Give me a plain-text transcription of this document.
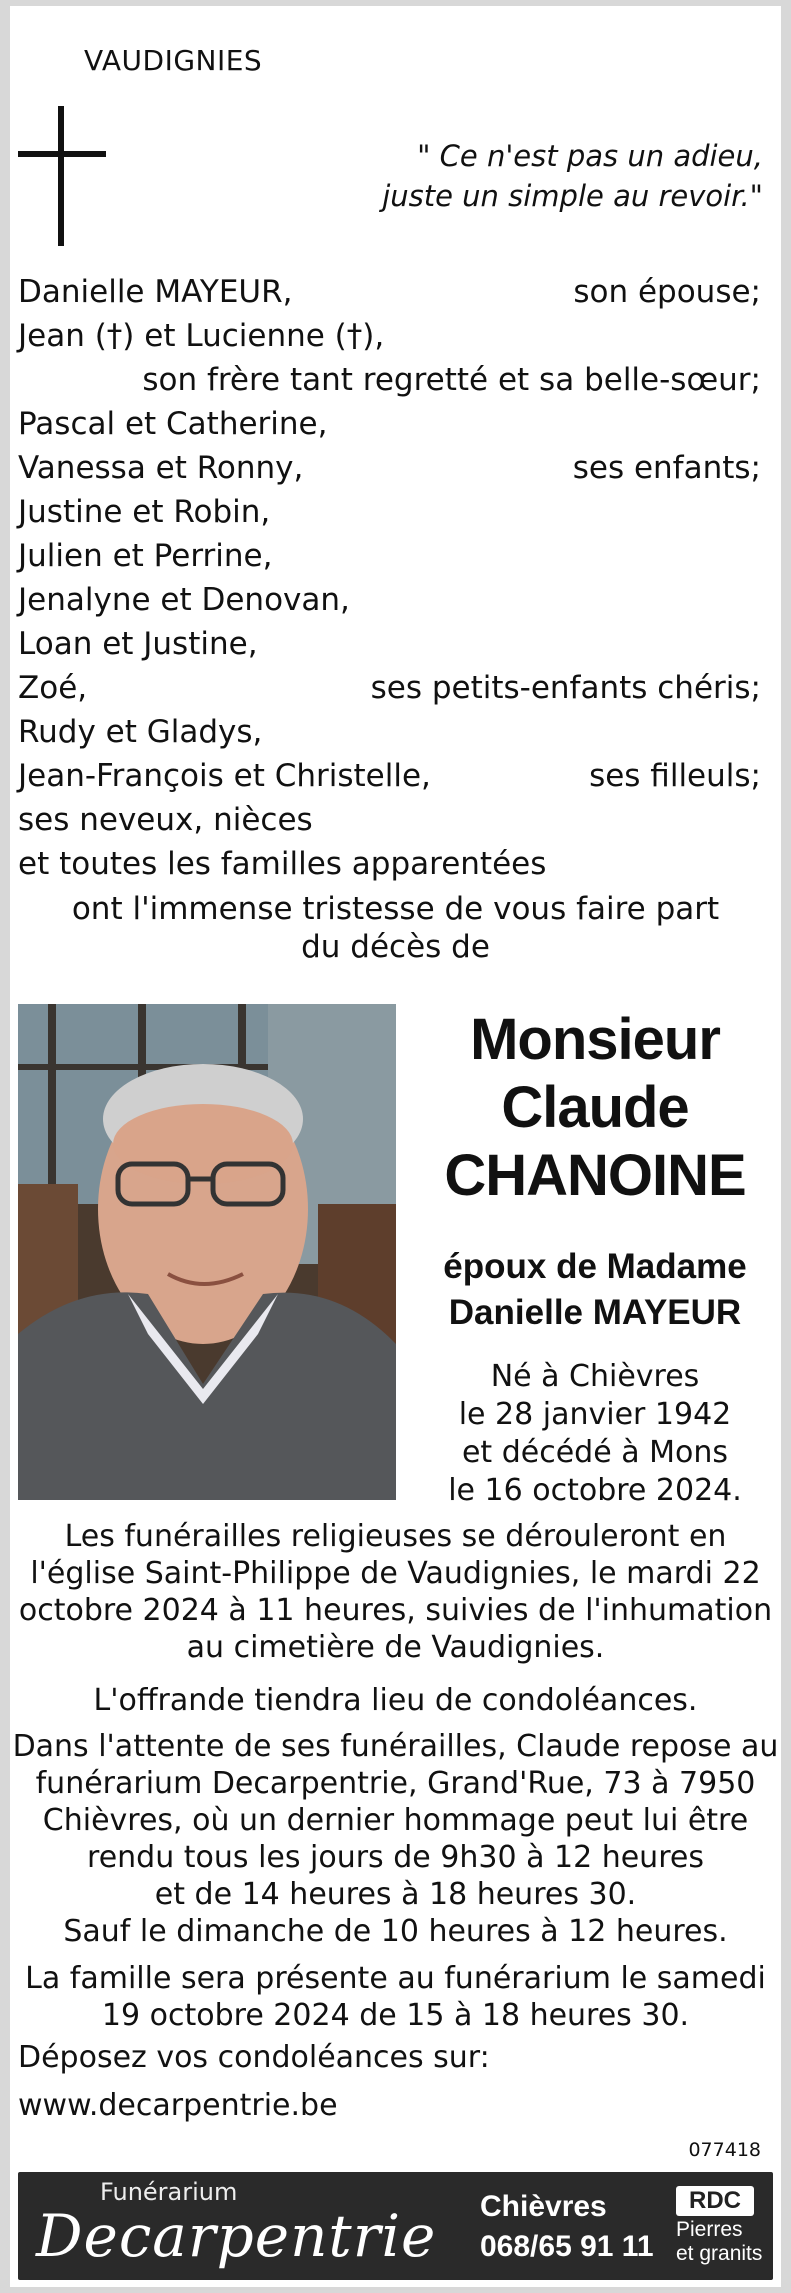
VAUDIGNIES
" Ce n'est pas un adieu,
juste un simple au revoir."
Danielle MAYEUR,	son épouse;
Jean (†) et Lucienne (†),
son frère tant regretté et sa belle-sœur;
Pascal et Catherine,
Vanessa et Ronny,	ses enfants;
Justine et Robin,
Julien et Perrine,
Jenalyne et Denovan,
Loan et Justine,
Zoé,	ses petits-enfants chéris;
Rudy et Gladys,
Jean-François et Christelle,	ses filleuls;
ses neveux, nièces
et toutes les familles apparentées
ont l'immense tristesse de vous faire part
du décès de
Monsieur
Claude
CHANOINE
époux de Madame
Danielle MAYEUR
Né à Chièvres
le 28 janvier 1942
et décédé à Mons
le 16 octobre 2024.
Les funérailles religieuses se dérouleront en
l'église Saint-Philippe de Vaudignies, le mardi 22
octobre 2024 à 11 heures, suivies de l'inhumation
au cimetière de Vaudignies.
L'offrande tiendra lieu de condoléances.
Dans l'attente de ses funérailles, Claude repose au
funérarium Decarpentrie, Grand'Rue, 73 à 7950
Chièvres, où un dernier hommage peut lui être
rendu tous les jours de 9h30 à 12 heures
et de 14 heures à 18 heures 30.
Sauf le dimanche de 10 heures à 12 heures.
La famille sera présente au funérarium le samedi
19 octobre 2024 de 15 à 18 heures 30.
Déposez vos condoléances sur:
www.decarpentrie.be
077418
Funérarium
Decarpentrie Chièvres
068/65 91 11
RDC
Pierres
et granits
